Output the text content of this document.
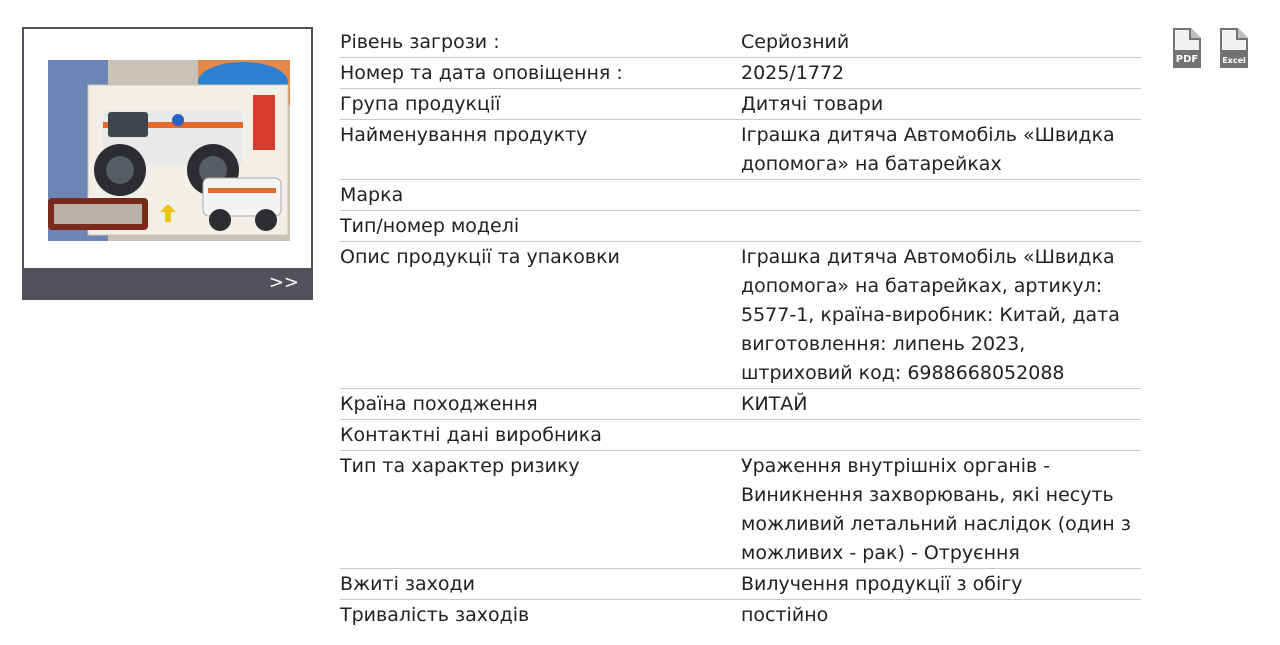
>>
Рівень загрози :	Серйозний
Номер та дата оповіщення :	2025/1772
Група продукції	Дитячі товари
Найменування продукту	Іграшка дитяча Автомобіль «Швидка допомога» на батарейках
Марка	
Тип/номер моделі	
Опис продукції та упаковки	Іграшка дитяча Автомобіль «Швидка допомога» на батарейках, артикул: 5577-1, країна-виробник: Китай, дата виготовлення: липень 2023, штриховий код: 6988668052088
Країна походження	КИТАЙ
Контактні дані виробника	
Тип та характер ризику	Ураження внутрішніх органів - Виникнення захворювань, які несуть можливий летальний наслідок (один з можливих - рак) - Отруєння
Вжиті заходи	Вилучення продукції з обігу
Тривалість заходів	постійно
PDF	Excel
